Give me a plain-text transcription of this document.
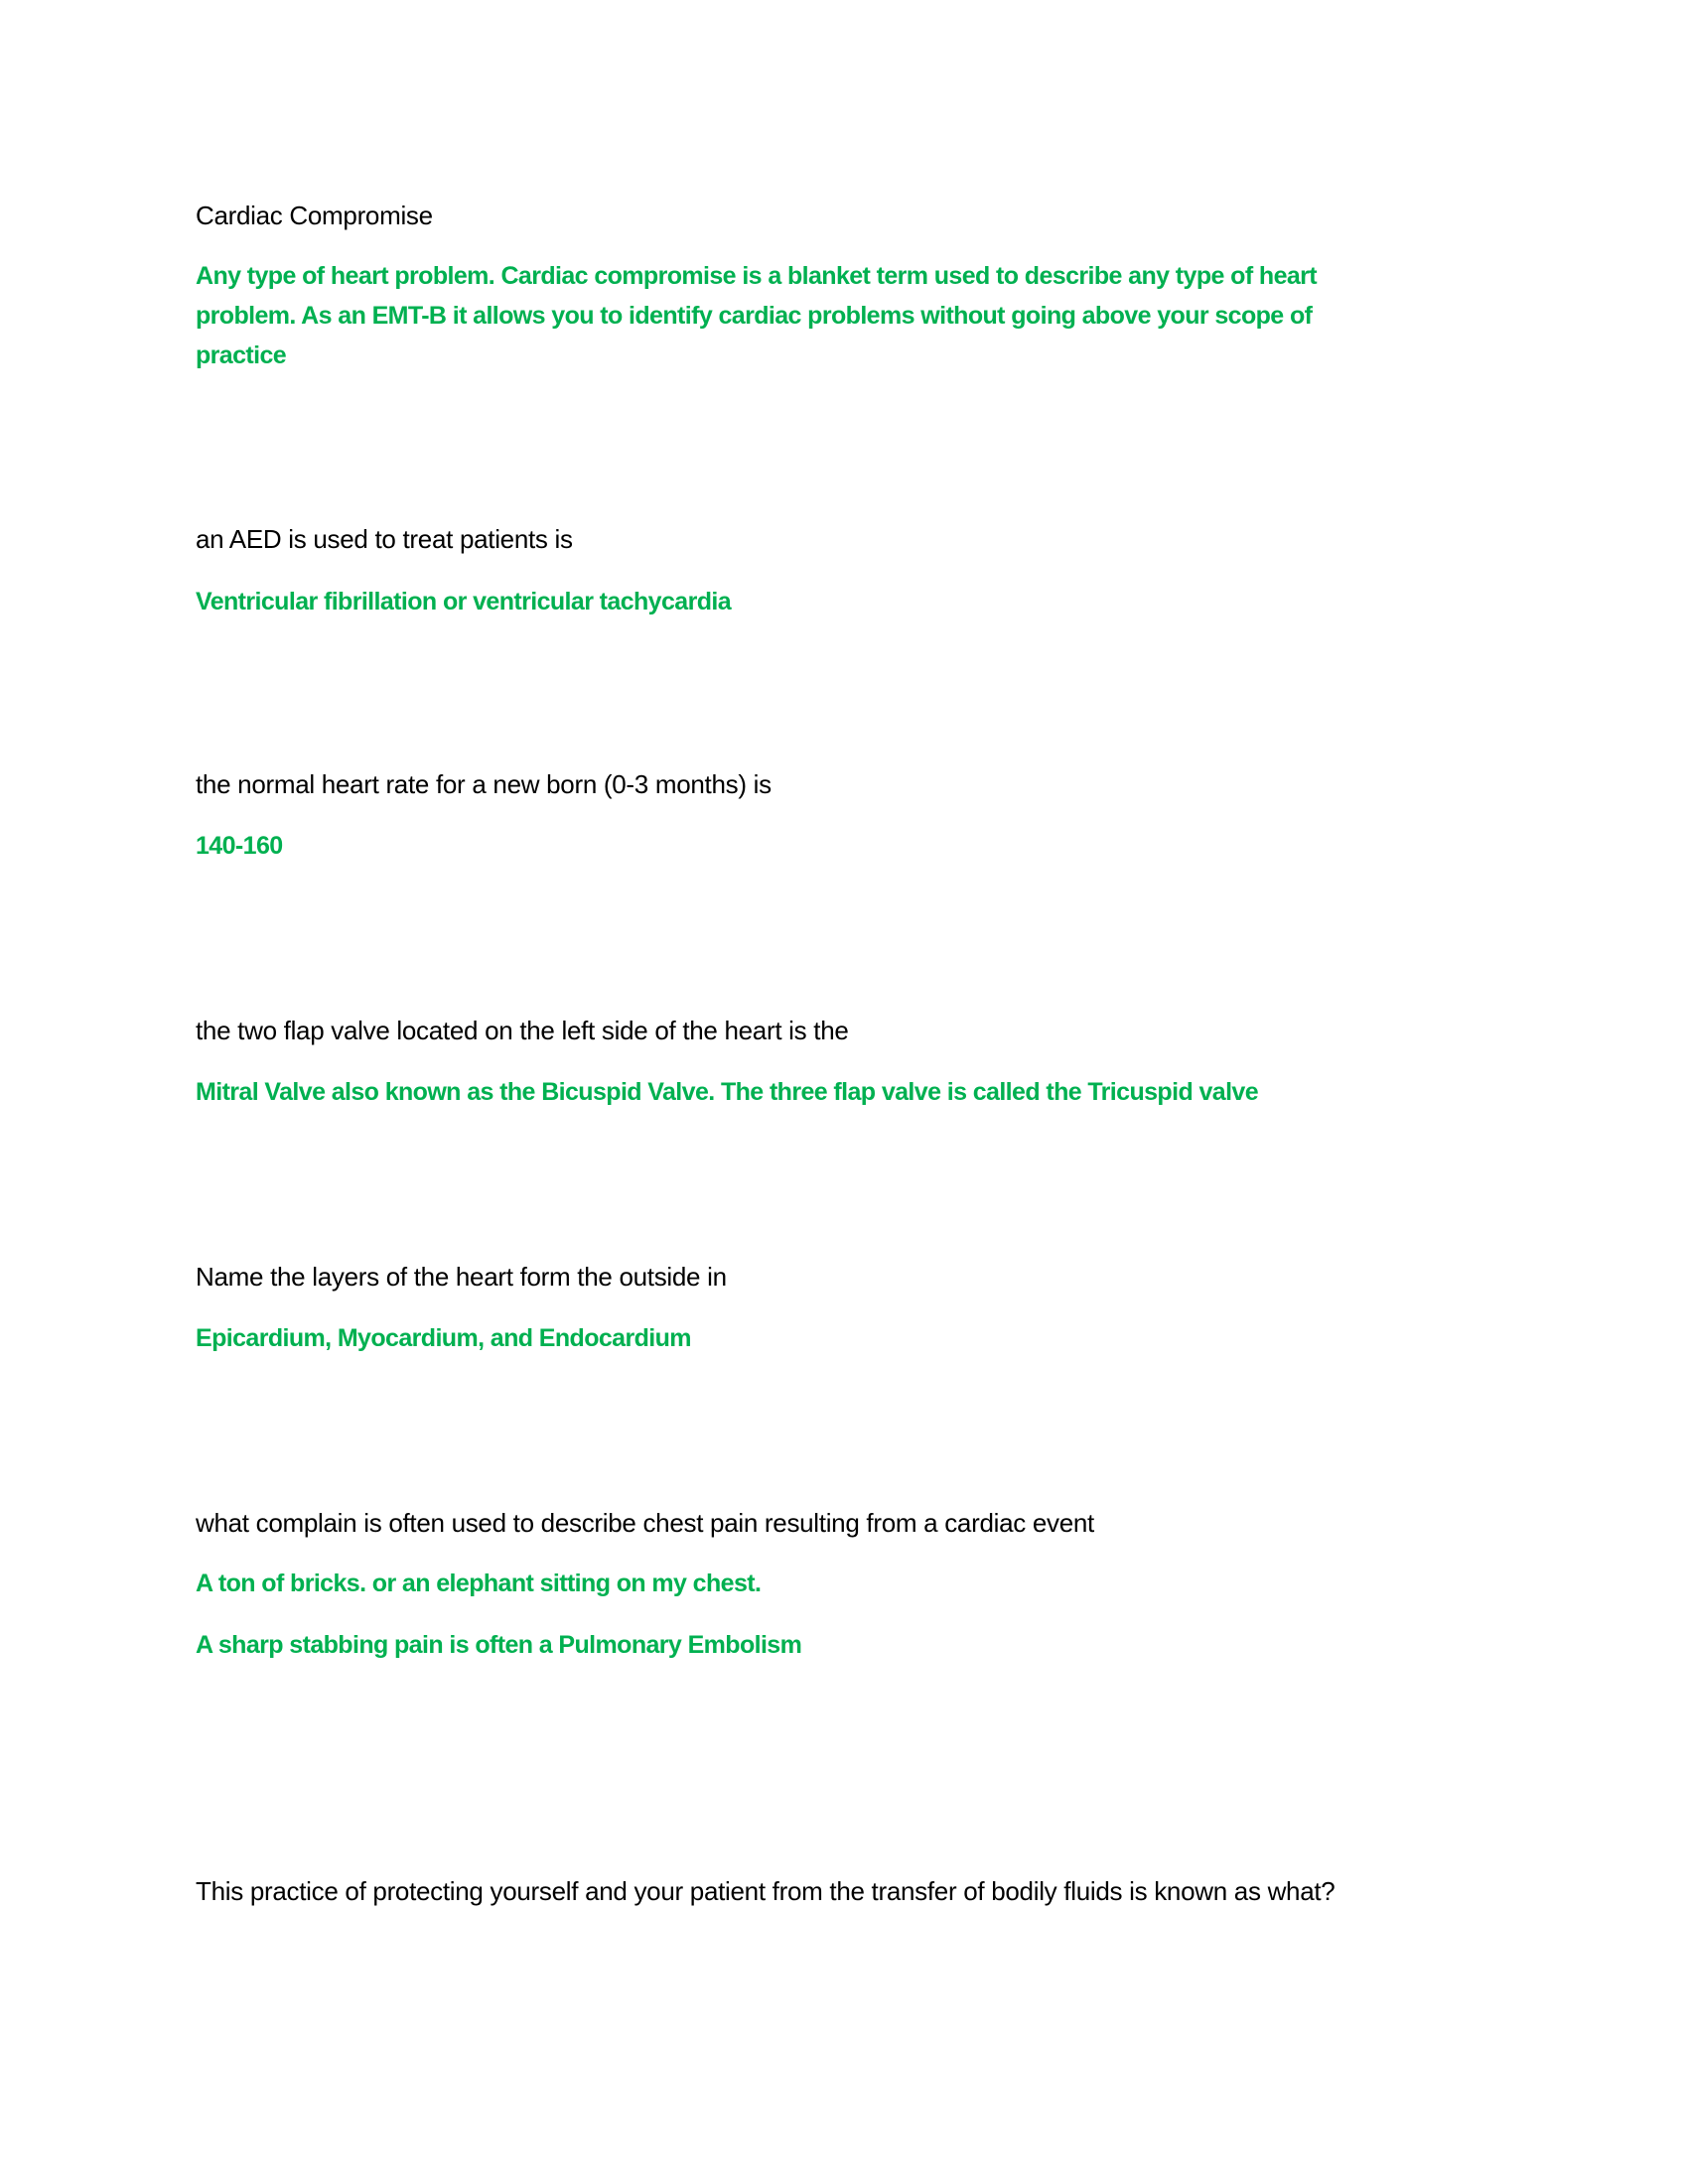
Cardiac Compromise
Any type of heart problem. Cardiac compromise is a blanket term used to describe any type of heart
problem. As an EMT-B it allows you to identify cardiac problems without going above your scope of
practice
an AED is used to treat patients is
Ventricular fibrillation or ventricular tachycardia
the normal heart rate for a new born (0-3 months) is
140-160
the two flap valve located on the left side of the heart is the
Mitral Valve also known as the Bicuspid Valve. The three flap valve is called the Tricuspid valve
Name the layers of the heart form the outside in
Epicardium, Myocardium, and Endocardium
what complain is often used to describe chest pain resulting from a cardiac event
A ton of bricks. or an elephant sitting on my chest.
A sharp stabbing pain is often a Pulmonary Embolism
This practice of protecting yourself and your patient from the transfer of bodily fluids is known as what?
